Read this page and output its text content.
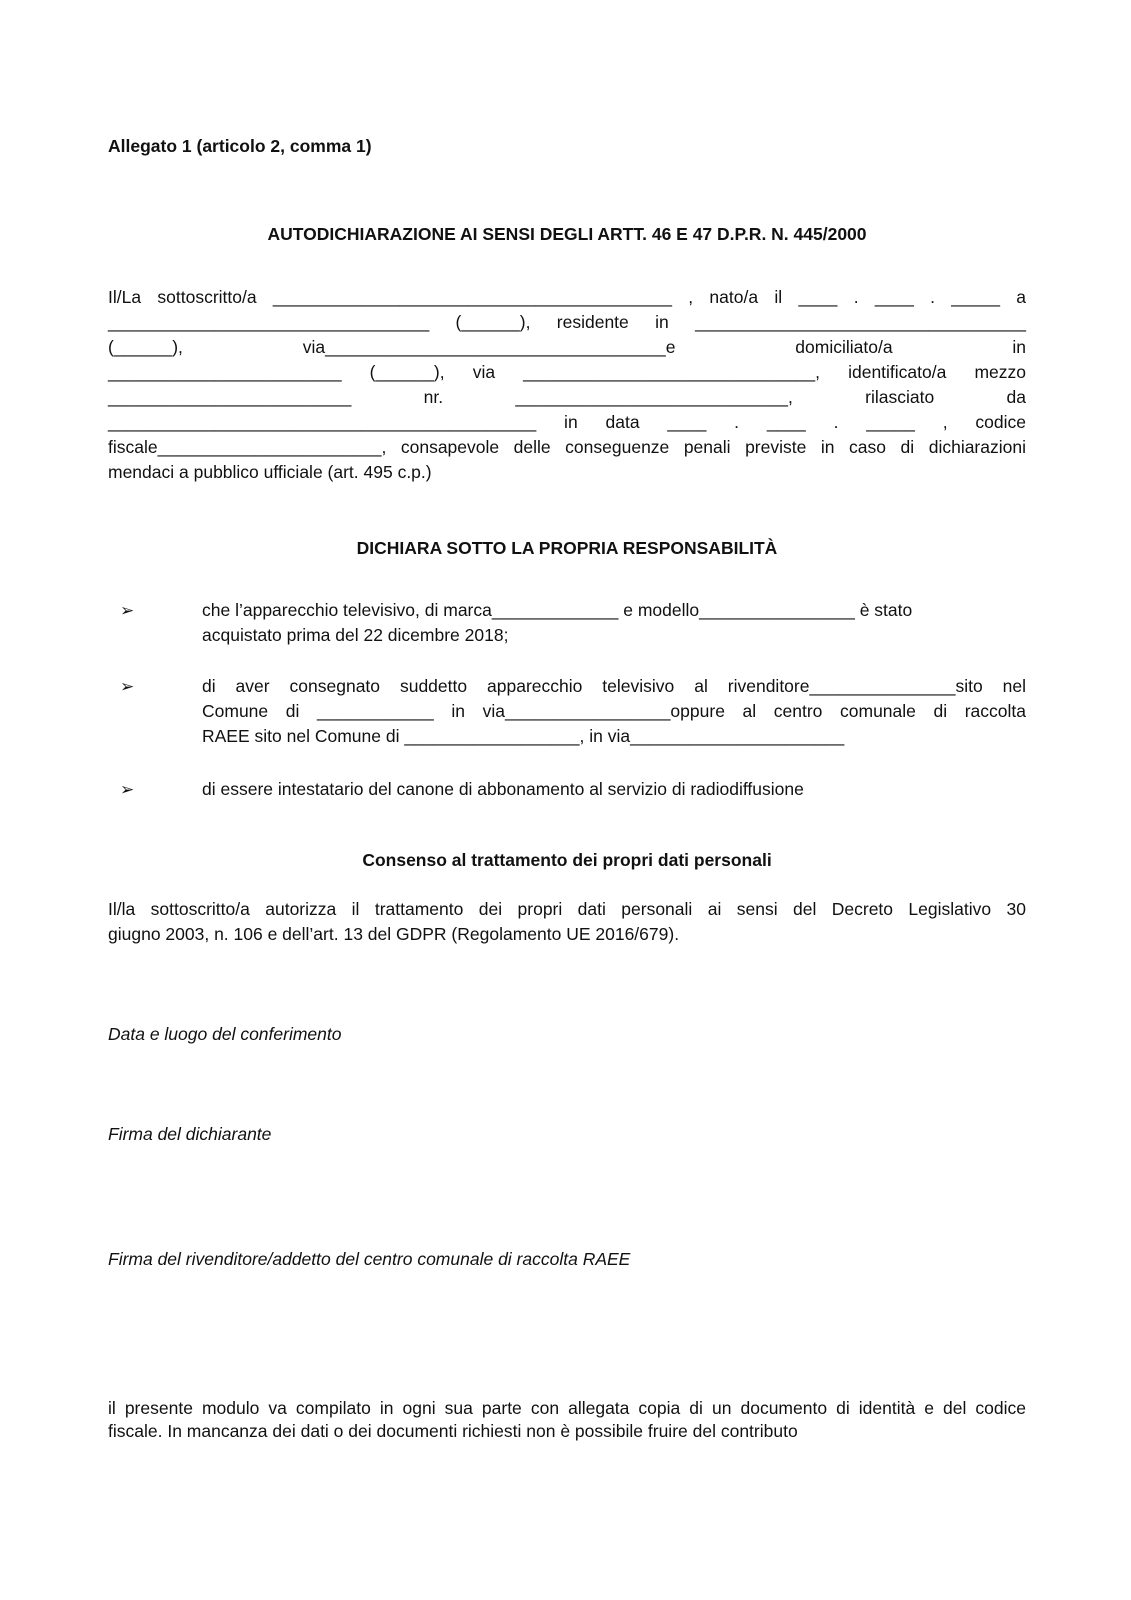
Allegato 1 (articolo 2, comma 1)
AUTODICHIARAZIONE AI SENSI DEGLI ARTT. 46 E 47 D.P.R. N. 445/2000
Il/La sottoscritto/a _________________________________________ , nato/a il ____ . ____ . _____ a
_________________________________ (______), residente in __________________________________
(______), via___________________________________e domiciliato/a in
________________________ (______), via ______________________________, identificato/a mezzo
_________________________ nr. ____________________________, rilasciato da
____________________________________________ in data ____ . ____ . _____ , codice
fiscale_______________________, consapevole delle conseguenze penali previste in caso di dichiarazioni
mendaci a pubblico ufficiale (art. 495 c.p.)
DICHIARA SOTTO LA PROPRIA RESPONSABILITÀ
➢	che l’apparecchio televisivo, di marca_____________ e modello________________ è stato
acquistato prima del 22 dicembre 2018;
➢	di aver consegnato suddetto apparecchio televisivo al rivenditore_______________sito nel
Comune di ____________ in via_________________oppure al centro comunale di raccolta
RAEE sito nel Comune di __________________, in via______________________
➢	di essere intestatario del canone di abbonamento al servizio di radiodiffusione
Consenso al trattamento dei propri dati personali
Il/la sottoscritto/a autorizza il trattamento dei propri dati personali ai sensi del Decreto Legislativo 30
giugno 2003, n. 106 e dell’art. 13 del GDPR (Regolamento UE 2016/679).
Data e luogo del conferimento
Firma del dichiarante
Firma del rivenditore/addetto del centro comunale di raccolta RAEE
il presente modulo va compilato in ogni sua parte con allegata copia di un documento di identità e del codice
fiscale. In mancanza dei dati o dei documenti richiesti non è possibile fruire del contributo
